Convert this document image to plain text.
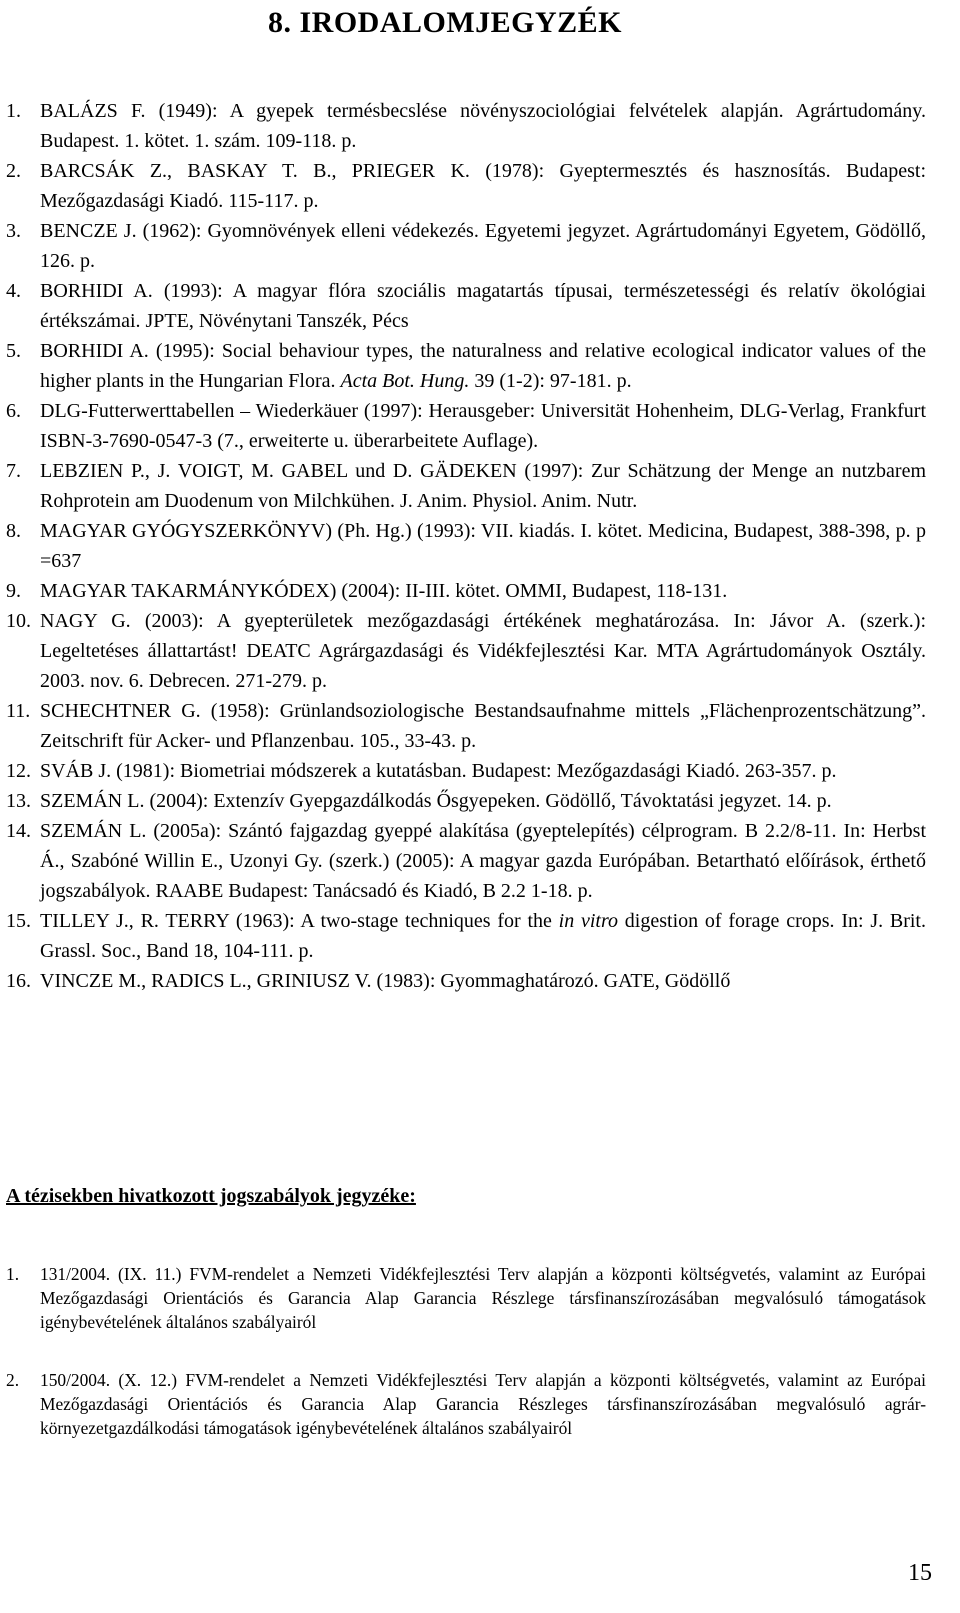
8. IRODALOMJEGYZÉK
1. BALÁZS F. (1949): A gyepek termésbecslése növényszociológiai felvételek alapján. Agrártudomány. Budapest. 1. kötet. 1. szám. 109-118. p.
2. BARCSÁK Z., BASKAY T. B., PRIEGER K. (1978): Gyeptermesztés és hasznosítás. Budapest: Mezőgazdasági Kiadó. 115-117. p.
3. BENCZE J. (1962): Gyomnövények elleni védekezés. Egyetemi jegyzet. Agrártudományi Egyetem, Gödöllő, 126. p.
4. BORHIDI A. (1993): A magyar flóra szociális magatartás típusai, természetességi és relatív ökológiai értékszámai. JPTE, Növénytani Tanszék, Pécs
5. BORHIDI A. (1995): Social behaviour types, the naturalness and relative ecological indicator values of the higher plants in the Hungarian Flora. Acta Bot. Hung. 39 (1-2): 97-181. p.
6. DLG-Futterwerttabellen – Wiederkäuer (1997): Herausgeber: Universität Hohenheim, DLG-Verlag, Frankfurt ISBN-3-7690-0547-3 (7., erweiterte u. überarbeitete Auflage).
7. LEBZIEN P., J. VOIGT, M. GABEL und D. GÄDEKEN (1997): Zur Schätzung der Menge an nutzbarem Rohprotein am Duodenum von Milchkühen. J. Anim. Physiol. Anim. Nutr.
8. MAGYAR GYÓGYSZERKÖNYV) (Ph. Hg.) (1993): VII. kiadás. I. kötet. Medicina, Budapest, 388-398, p. p =637
9. MAGYAR TAKARMÁNYKÓDEX) (2004): II-III. kötet. OMMI, Budapest, 118-131.
10. NAGY G. (2003): A gyepterületek mezőgazdasági értékének meghatározása. In: Jávor A. (szerk.): Legeltetéses állattartást! DEATC Agrárgazdasági és Vidékfejlesztési Kar. MTA Agrártudományok Osztály. 2003. nov. 6. Debrecen. 271-279. p.
11. SCHECHTNER G. (1958): Grünlandsoziologische Bestandsaufnahme mittels „Flächenprozentschätzung”. Zeitschrift für Acker- und Pflanzenbau. 105., 33-43. p.
12. SVÁB J. (1981): Biometriai módszerek a kutatásban. Budapest: Mezőgazdasági Kiadó. 263-357. p.
13. SZEMÁN L. (2004): Extenzív Gyepgazdálkodás Ősgyepeken. Gödöllő, Távoktatási jegyzet. 14. p.
14. SZEMÁN L. (2005a): Szántó fajgazdag gyeppé alakítása (gyeptelepítés) célprogram. B 2.2/8-11. In: Herbst Á., Szabóné Willin E., Uzonyi Gy. (szerk.) (2005): A magyar gazda Európában. Betartható előírások, érthető jogszabályok. RAABE Budapest: Tanácsadó és Kiadó, B 2.2 1-18. p.
15. TILLEY J., R. TERRY (1963): A two-stage techniques for the in vitro digestion of forage crops. In: J. Brit. Grassl. Soc., Band 18, 104-111. p.
16. VINCZE M., RADICS L., GRINIUSZ V. (1983): Gyommaghatározó. GATE, Gödöllő
A tézisekben hivatkozott jogszabályok jegyzéke:
1.	131/2004. (IX. 11.) FVM-rendelet a Nemzeti Vidékfejlesztési Terv alapján a központi költségvetés, valamint az Európai Mezőgazdasági Orientációs és Garancia Alap Garancia Részlege társfinanszírozásában megvalósuló támogatások igénybevételének általános szabályairól
2.	150/2004. (X. 12.) FVM-rendelet a Nemzeti Vidékfejlesztési Terv alapján a központi költségvetés, valamint az Európai Mezőgazdasági Orientációs és Garancia Alap Garancia Részleges társfinanszírozásában megvalósuló agrár-környezetgazdálkodási támogatások igénybevételének általános szabályairól
15
